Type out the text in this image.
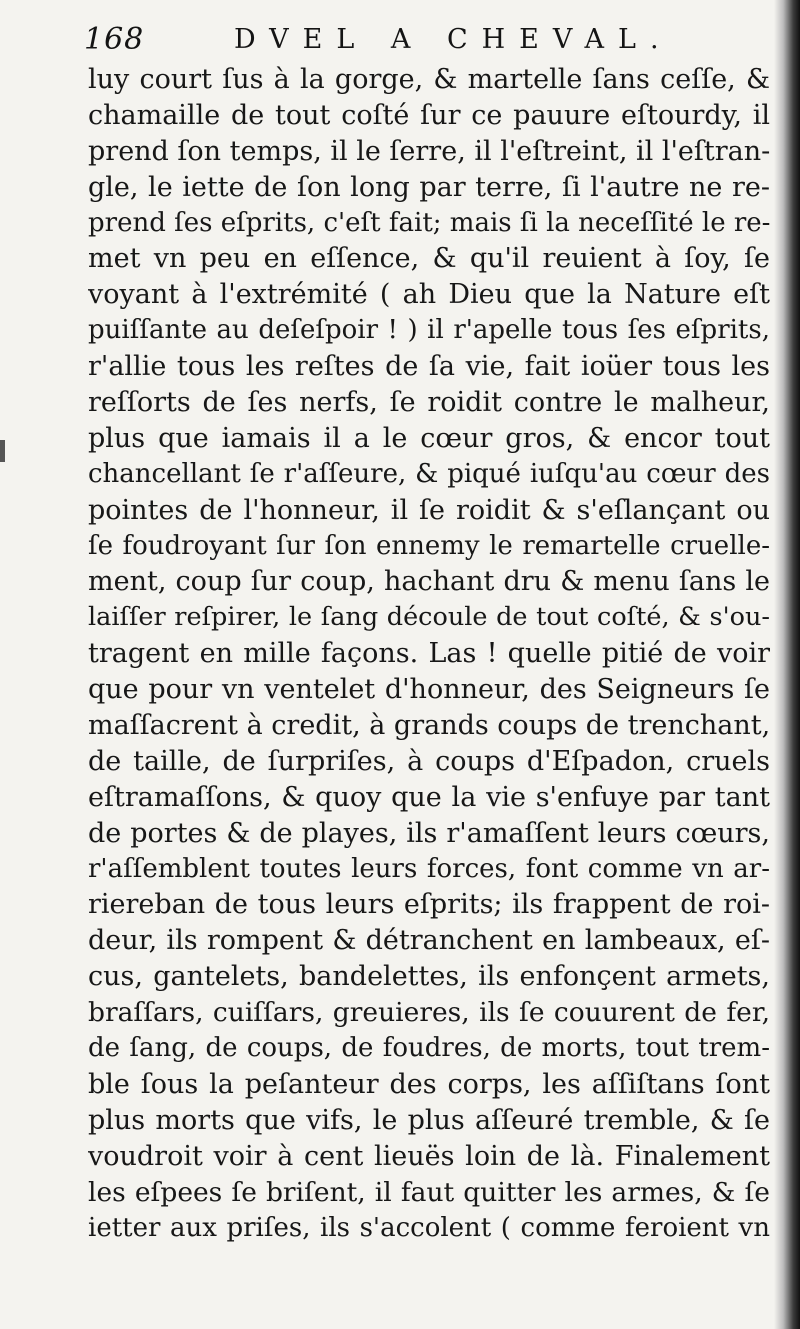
168	DVEL A CHEVAL.
luy court ſus à la gorge, & martelle ſans ceſſe, &
chamaille de tout coſté ſur ce pauure eſtourdy, il
prend ſon temps, il le ſerre, il l'eſtreint, il l'eſtran-
gle, le iette de ſon long par terre, ſi l'autre ne re-
prend ſes eſprits, c'eſt fait; mais ſi la neceſſité le re-
met vn peu en eſſence, & qu'il reuient à ſoy, ſe
voyant à l'extrémité ( ah Dieu que la Nature eſt
puiſſante au deſeſpoir ! ) il r'apelle tous ſes eſprits,
r'allie tous les reſtes de ſa vie, fait ioüer tous les
reſſorts de ſes nerfs, ſe roidit contre le malheur,
plus que iamais il a le cœur gros, & encor tout
chancellant ſe r'aſſeure, & piqué iuſqu'au cœur des
pointes de l'honneur, il ſe roidit & s'eſlançant ou
ſe foudroyant ſur ſon ennemy le remartelle cruelle-
ment, coup ſur coup, hachant dru & menu ſans le
laiſſer reſpirer, le ſang découle de tout coſté, & s'ou-
tragent en mille façons. Las ! quelle pitié de voir
que pour vn ventelet d'honneur, des Seigneurs ſe
maſſacrent à credit, à grands coups de trenchant,
de taille, de ſurpriſes, à coups d'Eſpadon, cruels
eſtramaſſons, & quoy que la vie s'enfuye par tant
de portes & de playes, ils r'amaſſent leurs cœurs,
r'aſſemblent toutes leurs forces, font comme vn ar-
riereban de tous leurs eſprits; ils frappent de roi-
deur, ils rompent & détranchent en lambeaux, eſ-
cus, gantelets, bandelettes, ils enfonçent armets,
braſſars, cuiſſars, greuieres, ils ſe couurent de fer,
de ſang, de coups, de foudres, de morts, tout trem-
ble ſous la peſanteur des corps, les aſſiſtans ſont
plus morts que vifs, le plus aſſeuré tremble, & ſe
voudroit voir à cent lieuës loin de là. Finalement
les eſpees ſe briſent, il faut quitter les armes, & ſe
ietter aux priſes, ils s'accolent ( comme feroient vn
